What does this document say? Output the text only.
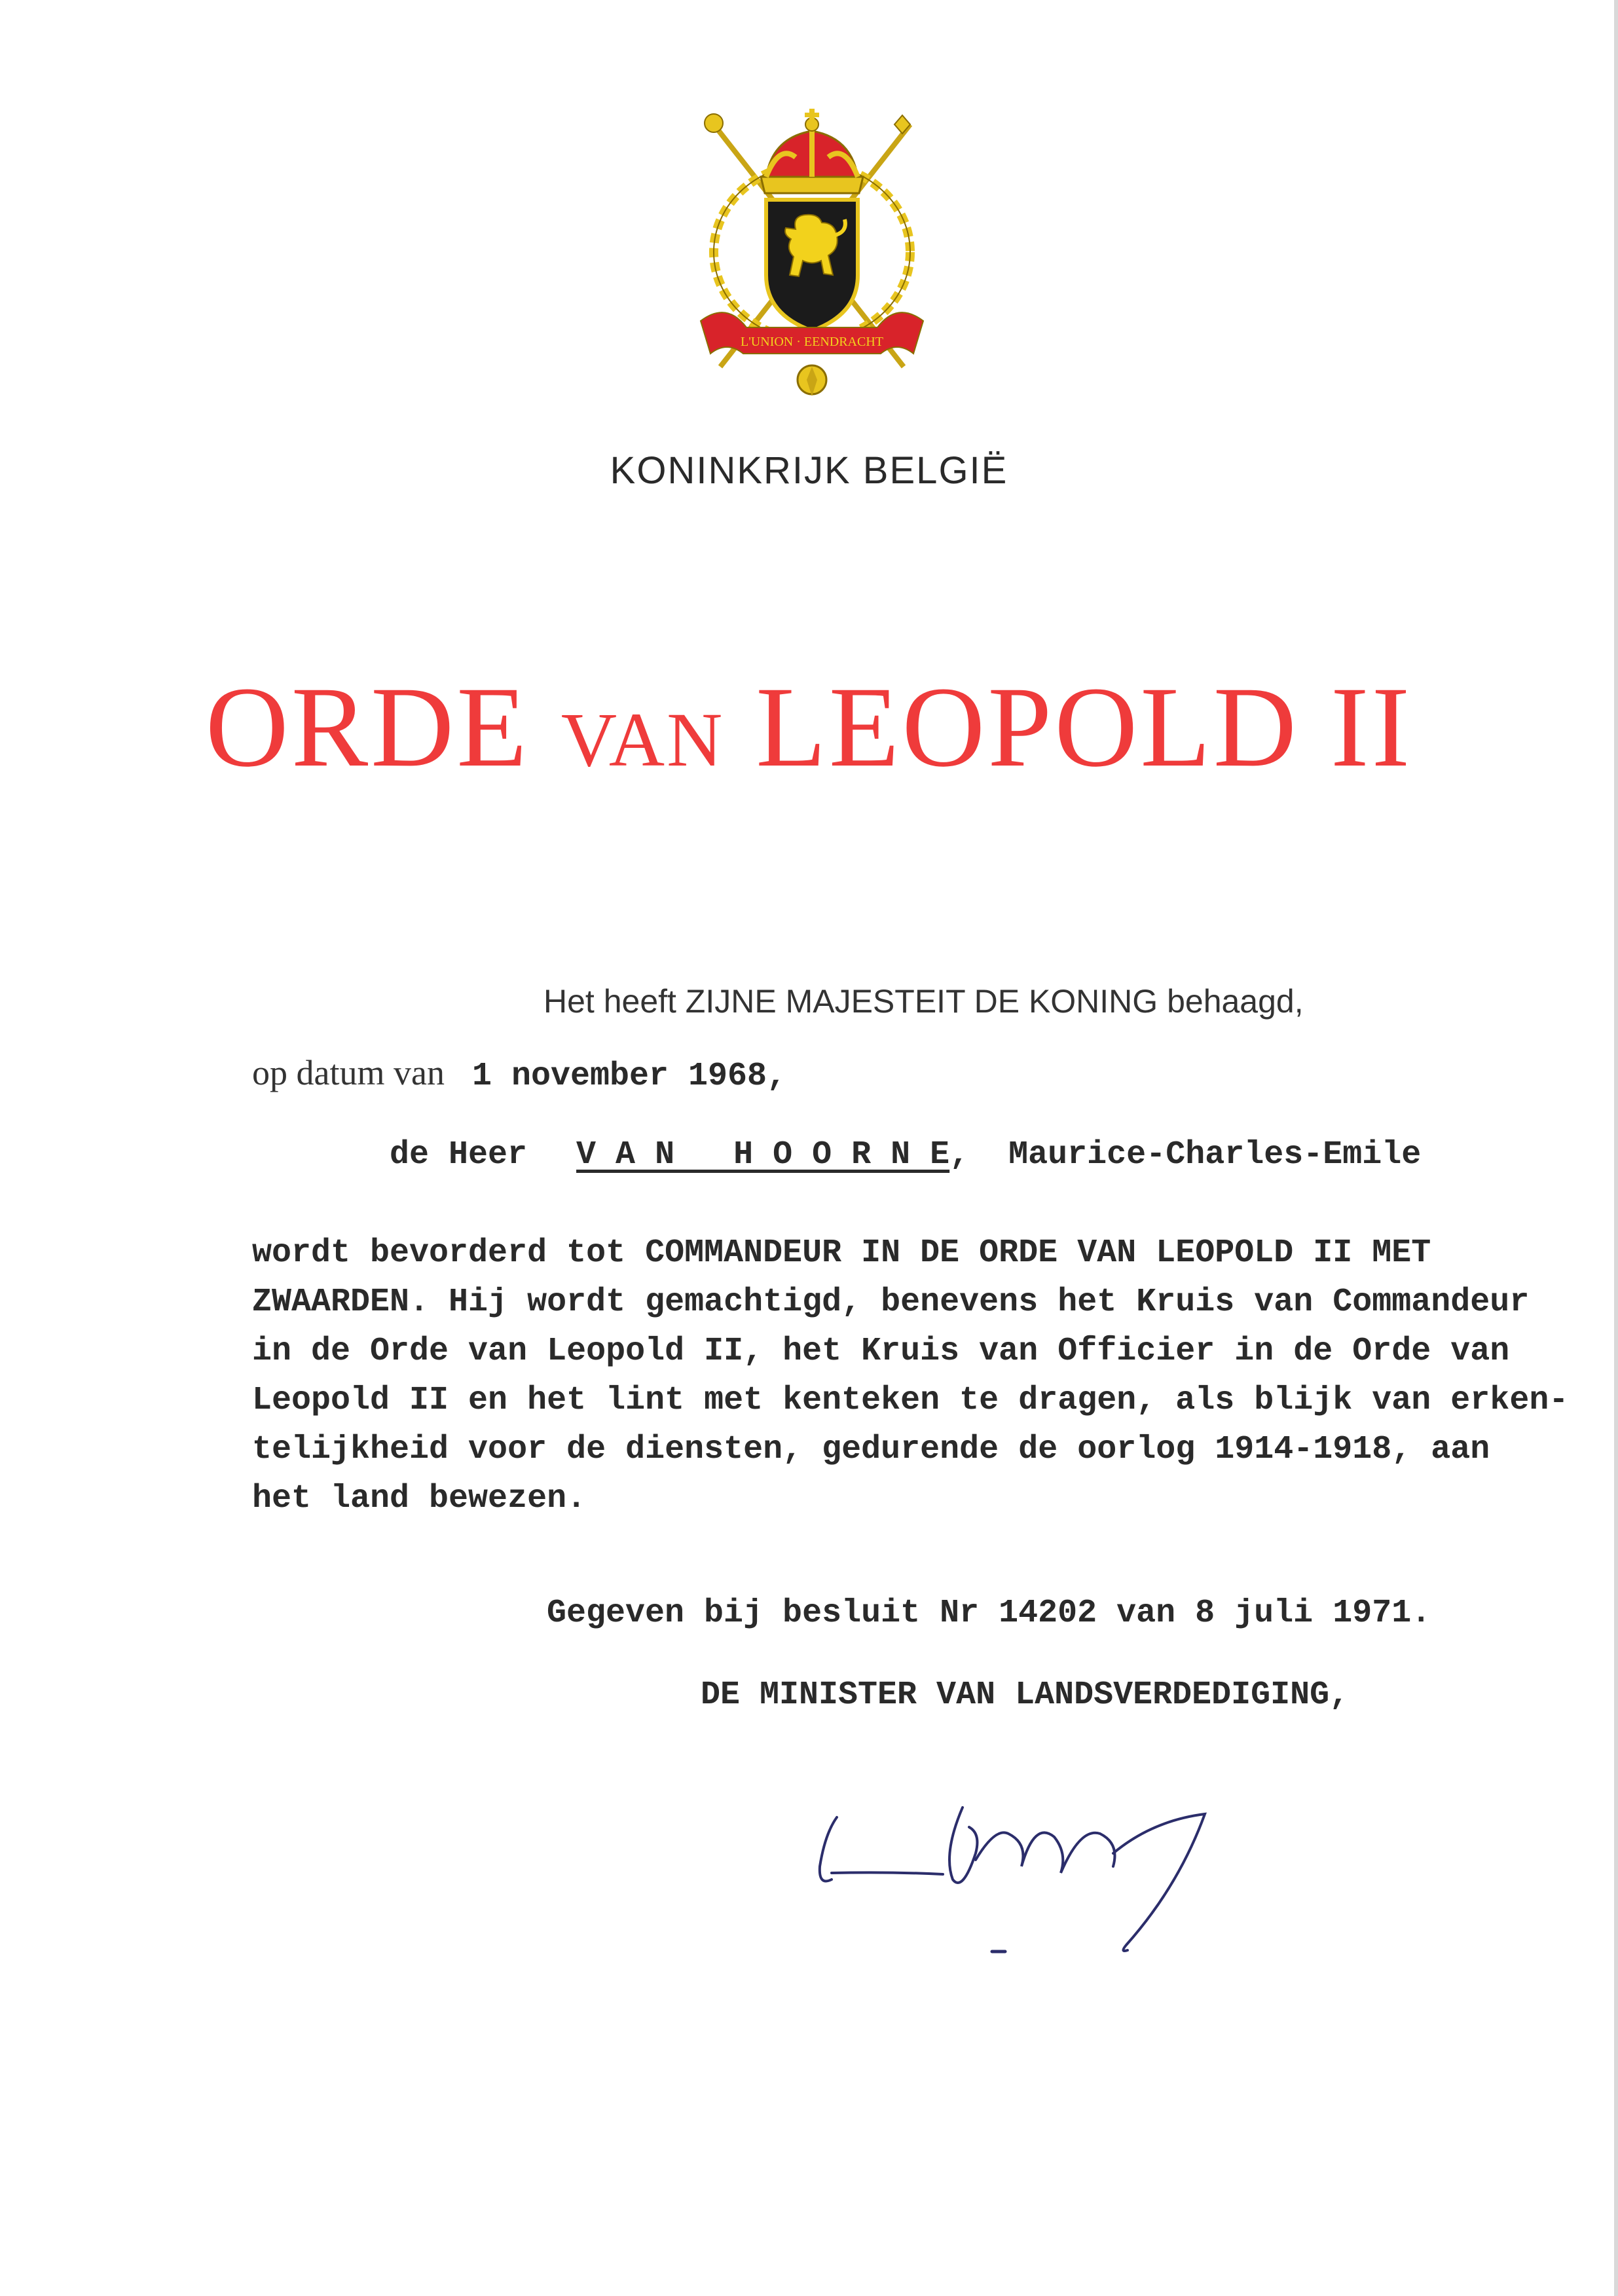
L'UNION · EENDRACHT
KONINKRIJK BELGIË
ORDE VAN LEOPOLD II
Het heeft ZIJNE MAJESTEIT DE KONING behaagd,
op datum van 1 november 1968,
de Heer V A N   H O O R N E, Maurice-Charles-Emile
wordt bevorderd tot COMMANDEUR IN DE ORDE VAN LEOPOLD II MET
ZWAARDEN. Hij wordt gemachtigd, benevens het Kruis van Commandeur
in de Orde van Leopold II, het Kruis van Officier in de Orde van
Leopold II en het lint met kenteken te dragen, als blijk van erken-
telijkheid voor de diensten, gedurende de oorlog 1914-1918, aan
het land bewezen.
Gegeven bij besluit Nr 14202 van 8 juli 1971.
DE MINISTER VAN LANDSVERDEDIGING,
